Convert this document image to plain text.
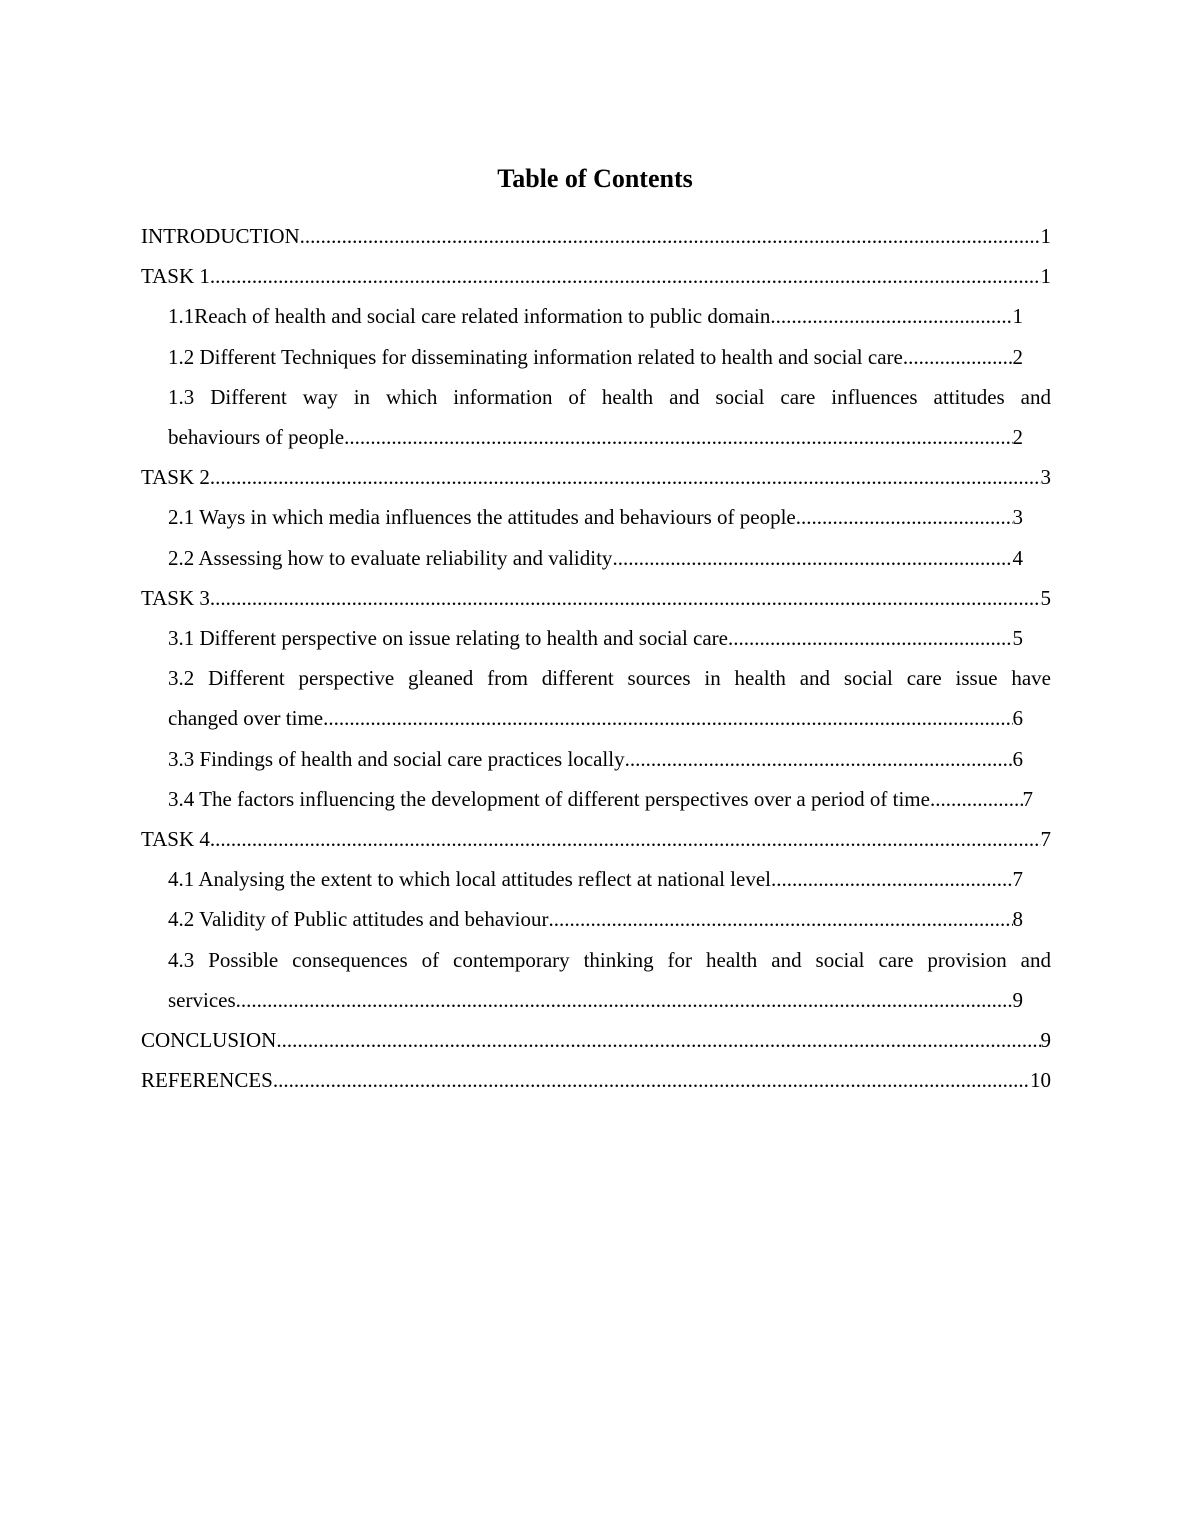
Table of Contents
INTRODUCTION .....	1
TASK 1 .....	1
1.1Reach of health and social care related information to public domain .....	1
1.2 Different Techniques for disseminating information related to health and social care .....	2
1.3 Different way in which information of health and social care influences attitudes and
behaviours of people .....	2
TASK 2 .....	3
2.1 Ways in which media influences the attitudes and behaviours of people .....	3
2.2 Assessing how to evaluate reliability and validity .....	4
TASK 3 .....	5
3.1 Different perspective on issue relating to health and social care. .....	5
3.2 Different perspective gleaned from different sources in health and social care issue have
changed over time .....	6
3.3 Findings of health and social care practices locally .....	6
3.4 The factors influencing the development of different perspectives over a period of time .....	7
TASK 4 .....	7
4.1 Analysing the extent to which local attitudes reflect at national level .....	7
4.2 Validity of Public attitudes and behaviour .....	8
4.3 Possible consequences of contemporary thinking for health and social care provision and
services .....	9
CONCLUSION .....	9
REFERENCES .....	10
